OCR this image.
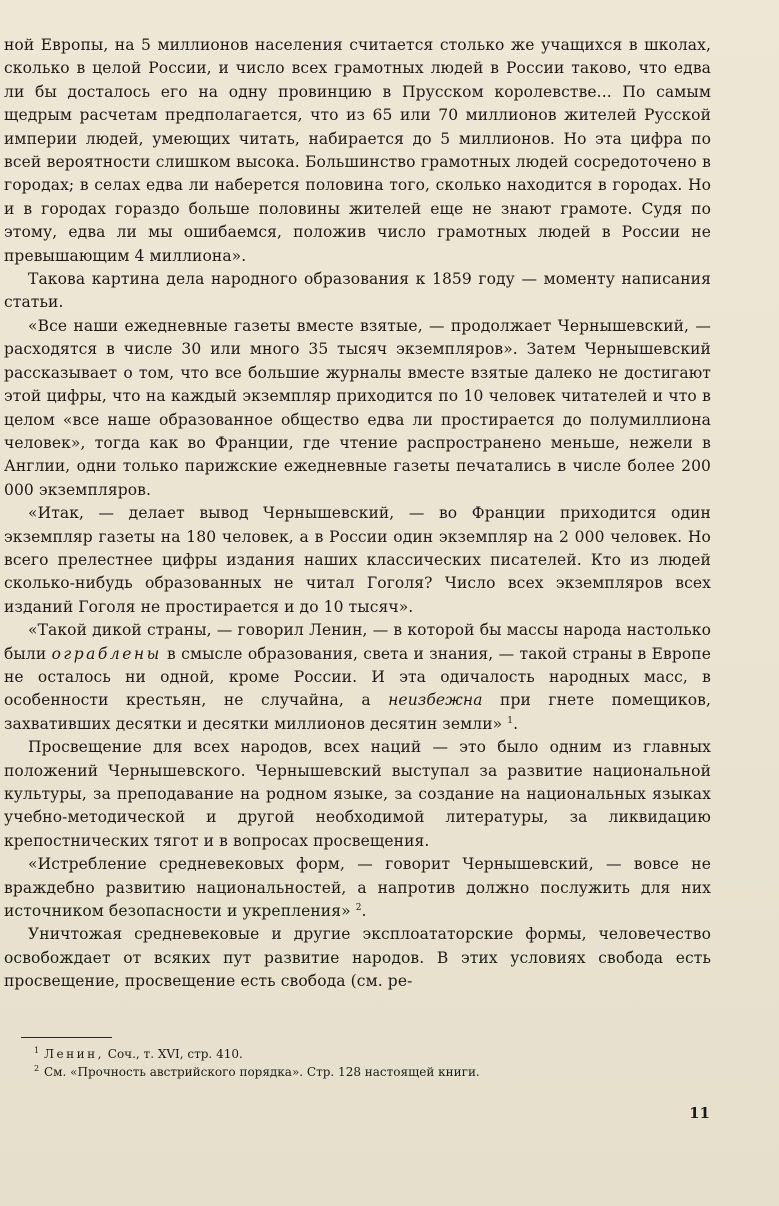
ной Европы, на 5 миллионов населения считается столько же учащихся в школах, сколько в целой России, и число всех грамотных людей в России таково, что едва ли бы досталось его на одну провинцию в Прусском королевстве... По самым щедрым расчетам предполагается, что из 65 или 70 миллионов жителей Русской империи людей, умеющих читать, набирается до 5 миллионов. Но эта цифра по всей вероятности слишком высока. Большинство грамотных людей сосредоточено в городах; в селах едва ли наберется половина того, сколько находится в городах. Но и в городах гораздо больше половины жителей еще не знают грамоте. Судя по этому, едва ли мы ошибаемся, положив число грамотных людей в России не превышающим 4 миллиона».

Такова картина дела народного образования к 1859 году — моменту написания статьи.

«Все наши ежедневные газеты вместе взятые, — продолжает Чернышевский, — расходятся в числе 30 или много 35 тысяч экземпляров». Затем Чернышевский рассказывает о том, что все большие журналы вместе взятые далеко не достигают этой цифры, что на каждый экземпляр приходится по 10 человек читателей и что в целом «все наше образованное общество едва ли простирается до полумиллиона человек», тогда как во Франции, где чтение распространено меньше, нежели в Англии, одни только парижские ежедневные газеты печатались в числе более 200 000 экземпляров.

«Итак, — делает вывод Чернышевский, — во Франции приходится один экземпляр газеты на 180 человек, а в России один экземпляр на 2 000 человек. Но всего прелестнее цифры издания наших классических писателей. Кто из людей сколько-нибудь образованных не читал Гоголя? Число всех экземпляров всех изданий Гоголя не простирается и до 10 тысяч».

«Такой дикой страны, — говорил Ленин, — в которой бы массы народа настолько были ограблены в смысле образования, света и знания, — такой страны в Европе не осталось ни одной, кроме России. И эта одичалость народных масс, в особенности крестьян, не случайна, а неизбежна при гнете помещиков, захвативших десятки и десятки миллионов десятин земли» $^1$.

Просвещение для всех народов, всех наций — это было одним из главных положений Чернышевского. Чернышевский выступал за развитие национальной культуры, за преподавание на родном языке, за создание на национальных языках учебно-методической и другой необходимой литературы, за ликвидацию крепостнических тягот и в вопросах просвещения.

«Истребление средневековых форм, — говорит Чернышевский, — вовсе не враждебно развитию национальностей, а напротив должно послужить для них источником безопасности и укрепления» $^2$.

Уничтожая средневековые и другие эксплоататорские формы, человечество освобождает от всяких пут развитие народов. В этих условиях свобода есть просвещение, просвещение есть свобода (см. ре-

1 Ленин, Соч., т. XVI, стр. 410.

2 См. «Прочность австрийского порядка». Стр. 128 настоящей книги.

11
